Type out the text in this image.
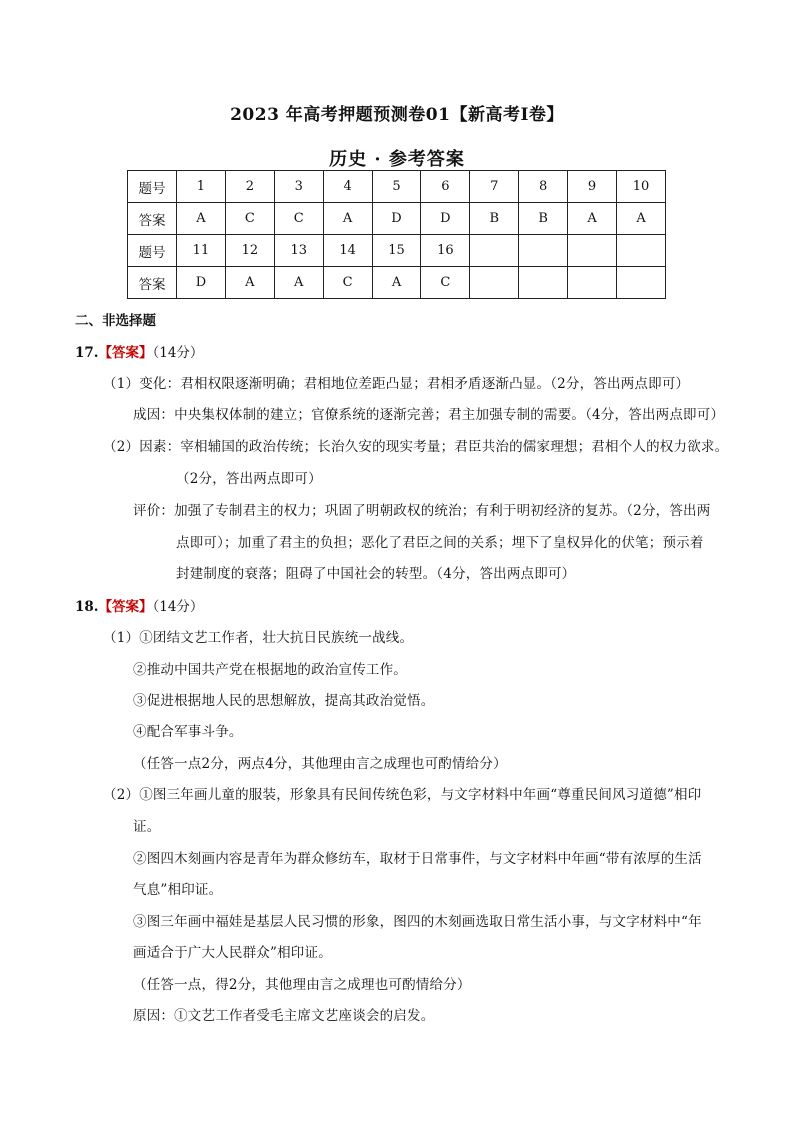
2023 年高考押题预测卷01【新高考Ⅰ卷】
历史 · 参考答案
题号	1	2	3	4	5	6	7	8	9	10
答案	A	C	C	A	D	D	B	B	A	A
题号	11	12	13	14	15	16				
答案	D	A	A	C	A	C				
二、非选择题
17.【答案】（14分）
（1）变化：君相权限逐渐明确；君相地位差距凸显；君相矛盾逐渐凸显。（2分，答出两点即可）
成因：中央集权体制的建立；官僚系统的逐渐完善；君主加强专制的需要。（4分，答出两点即可）
（2）因素：宰相辅国的政治传统；长治久安的现实考量；君臣共治的儒家理想；君相个人的权力欲求。
（2分，答出两点即可）
评价：加强了专制君主的权力；巩固了明朝政权的统治；有利于明初经济的复苏。（2分，答出两
点即可）；加重了君主的负担；恶化了君臣之间的关系；埋下了皇权异化的伏笔；预示着
封建制度的衰落；阻碍了中国社会的转型。（4分，答出两点即可）
18.【答案】（14分）
（1）①团结文艺工作者，壮大抗日民族统一战线。
②推动中国共产党在根据地的政治宣传工作。
③促进根据地人民的思想解放，提高其政治觉悟。
④配合军事斗争。
（任答一点2分，两点4分，其他理由言之成理也可酌情给分）
（2）①图三年画儿童的服装，形象具有民间传统色彩，与文字材料中年画“尊重民间风习道德”相印
证。
②图四木刻画内容是青年为群众修纺车，取材于日常事件，与文字材料中年画“带有浓厚的生活
气息”相印证。
③图三年画中福娃是基层人民习惯的形象，图四的木刻画选取日常生活小事，与文字材料中“年
画适合于广大人民群众”相印证。
（任答一点，得2分，其他理由言之成理也可酌情给分）
原因：①文艺工作者受毛主席文艺座谈会的启发。
